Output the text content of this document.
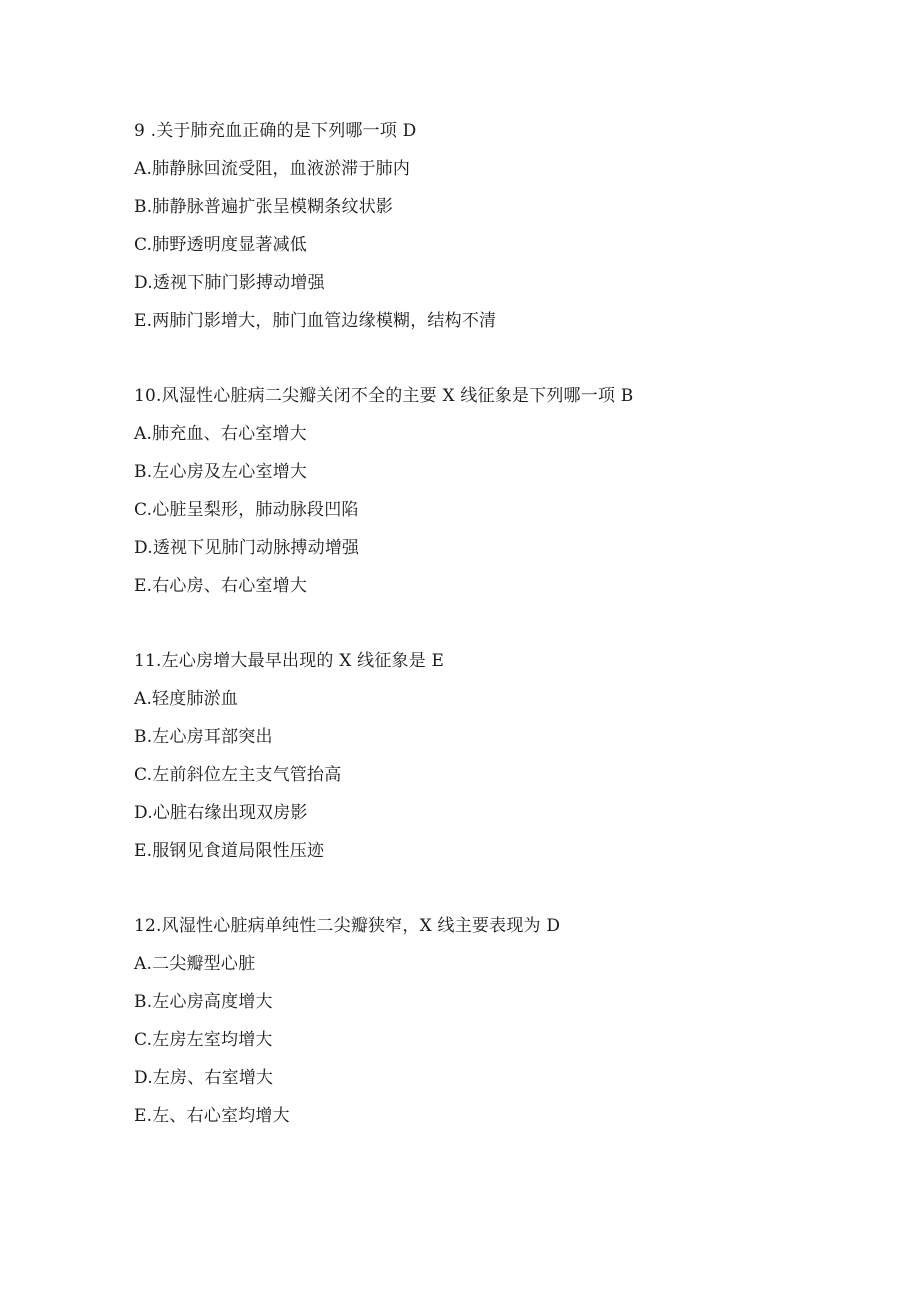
9 .关于肺充血正确的是下列哪一项 D
A.肺静脉回流受阻，血液淤滞于肺内
B.肺静脉普遍扩张呈模糊条纹状影
C.肺野透明度显著减低
D.透视下肺门影搏动增强
E.两肺门影增大，肺门血管边缘模糊，结构不清
10.风湿性心脏病二尖瓣关闭不全的主要 X 线征象是下列哪一项 B
A.肺充血、右心室增大
B.左心房及左心室增大
C.心脏呈梨形，肺动脉段凹陷
D.透视下见肺门动脉搏动增强
E.右心房、右心室增大
11.左心房增大最早出现的 X 线征象是 E
A.轻度肺淤血
B.左心房耳部突出
C.左前斜位左主支气管抬高
D.心脏右缘出现双房影
E.服钢见食道局限性压迹
12.风湿性心脏病单纯性二尖瓣狭窄，X 线主要表现为 D
A.二尖瓣型心脏
B.左心房高度增大
C.左房左室均增大
D.左房、右室增大
E.左、右心室均增大
